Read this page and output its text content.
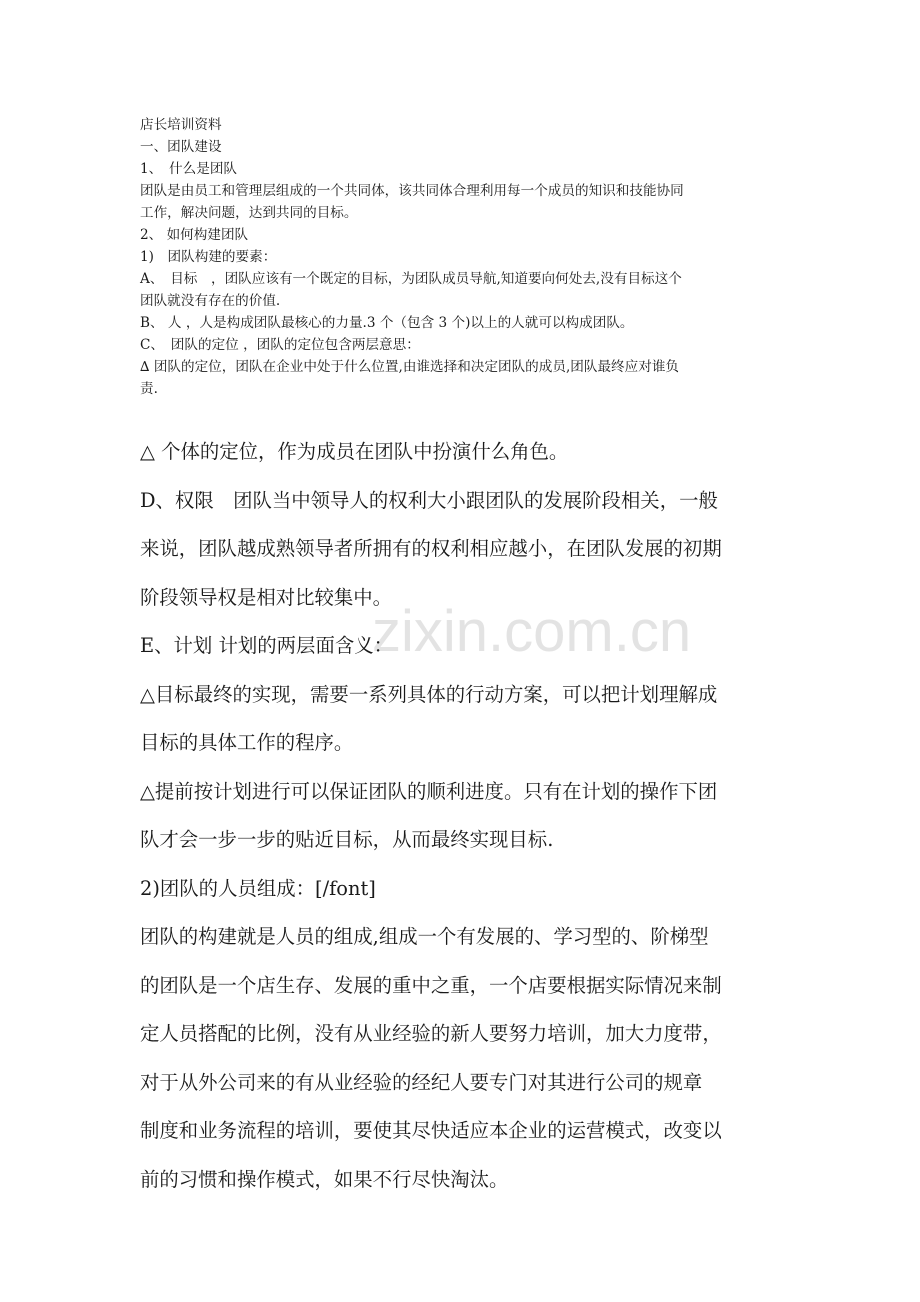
zixin.com.cn

店长培训资料

一、团队建设

1、　什么是团队

团队是由员工和管理层组成的一个共同体，该共同体合理利用每一个成员的知识和技能协同

工作，解决问题，达到共同的目标。

2、 如何构建团队

1)　团队构建的要素：

A、　目标　，团队应该有一个既定的目标，为团队成员导航,知道要向何处去,没有目标这个

团队就没有存在的价值.

B、 人 ，人是构成团队最核心的力量.3 个（包含 3 个)以上的人就可以构成团队。

C、　团队的定位 ，团队的定位包含两层意思：

∆ 团队的定位，团队在企业中处于什么位置,由谁选择和决定团队的成员,团队最终应对谁负

责.

△ 个体的定位，作为成员在团队中扮演什么角色。

D、权限　团队当中领导人的权利大小跟团队的发展阶段相关，一般

来说，团队越成熟领导者所拥有的权利相应越小，在团队发展的初期

阶段领导权是相对比较集中。

E、计划 计划的两层面含义：

△目标最终的实现，需要一系列具体的行动方案，可以把计划理解成

目标的具体工作的程序。

△提前按计划进行可以保证团队的顺利进度。只有在计划的操作下团

队才会一步一步的贴近目标，从而最终实现目标.

2)团队的人员组成：[/font]

团队的构建就是人员的组成,组成一个有发展的、学习型的、阶梯型

的团队是一个店生存、发展的重中之重，一个店要根据实际情况来制

定人员搭配的比例，没有从业经验的新人要努力培训，加大力度带，

对于从外公司来的有从业经验的经纪人要专门对其进行公司的规章

制度和业务流程的培训，要使其尽快适应本企业的运营模式，改变以

前的习惯和操作模式，如果不行尽快淘汰。
